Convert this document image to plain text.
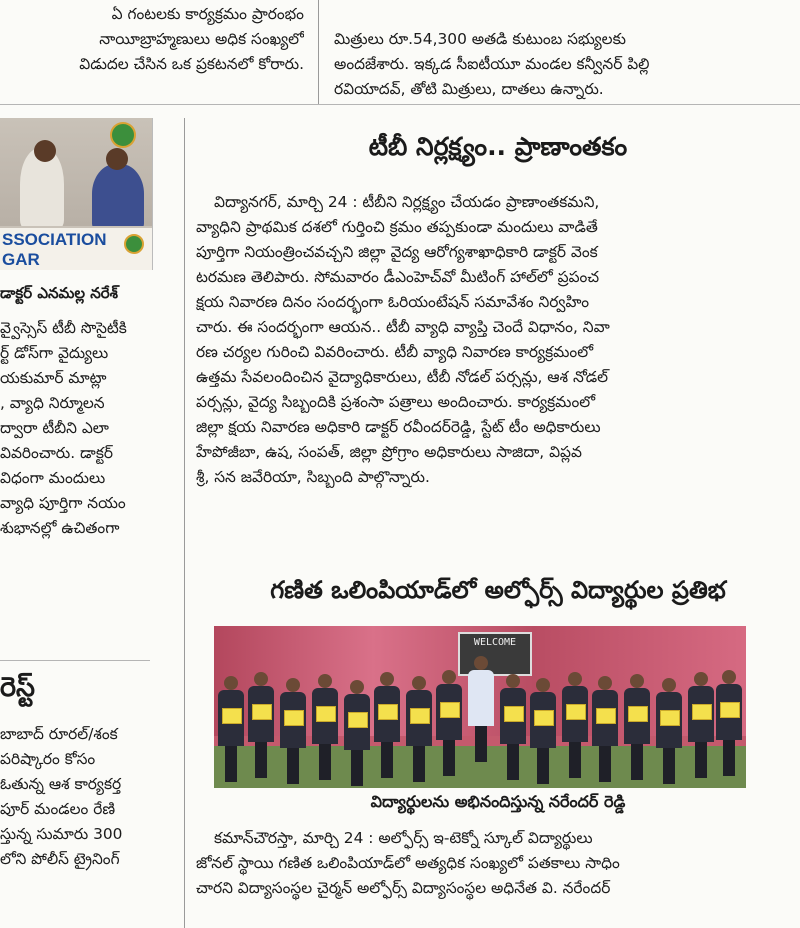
ఏ గంటలకు కార్యక్రమం ప్రారంభం

నాయీబ్రాహ్మణులు అధిక సంఖ్యలో

విడుదల చేసిన ఒక ప్రకటనలో కోరారు.

మిత్రులు రూ.54,300 అతడి కుటుంబ సభ్యులకు

అందజేశారు. ఇక్కడ సీఐటీయూ మండల కన్వీనర్ పిల్లి

రవియాదవ్, తోటి మిత్రులు, దాతలు ఉన్నారు.

SSOCIATION
GAR
డాక్టర్ ఎనమల్ల నరేశ్

వ్వైస్సెస్ టీబీ సొసైటీకి

ర్ట్ డోస్‌గా వైద్యులు

యకుమార్ మాట్లా

, వ్యాధి నిర్మూలన

ద్వారా టీబీని ఎలా

వివరించారు. డాక్టర్

విధంగా మందులు

వ్యాధి పూర్తిగా నయం

శుభానల్లో ఉచితంగా

రెస్ట్

బాబాద్ రూరల్/శంక

పరిష్కారం కోసం

ఓతున్న ఆశ కార్యకర్త

పూర్ మండలం రేణి

స్తున్న సుమారు 300

లోని పోలీస్ ట్రైనింగ్

టీబీ నిర్లక్ష్యం.. ప్రాణాంతకం

విద్యానగర్, మార్చి 24 : టీబీని నిర్లక్ష్యం చేయడం ప్రాణాంతకమని,

వ్యాధిని ప్రాథమిక దశలో గుర్తించి క్రమం తప్పకుండా మందులు వాడితే

పూర్తిగా నియంత్రించవచ్చని జిల్లా వైద్య ఆరోగ్యశాఖాధికారి డాక్టర్ వెంక

టరమణ తెలిపారు. సోమవారం డీఎంహెచ్‌వో మీటింగ్ హాల్‌లో ప్రపంచ

క్షయ నివారణ దినం సందర్భంగా ఓరియంటేషన్ సమావేశం నిర్వహిం

చారు. ఈ సందర్భంగా ఆయన.. టీబీ వ్యాధి వ్యాప్తి చెందే విధానం, నివా

రణ చర్యల గురించి వివరించారు. టీబీ వ్యాధి నివారణ కార్యక్రమంలో

ఉత్తమ సేవలందించిన వైద్యాధికారులు, టీబీ నోడల్ పర్సన్లు, ఆశ నోడల్

పర్సన్లు, వైద్య సిబ్బందికి ప్రశంసా పత్రాలు అందించారు. కార్యక్రమంలో

జిల్లా క్షయ నివారణ అధికారి డాక్టర్ రవీందర్‌రెడ్డి, స్టేట్ టీం అధికారులు

హేపోజీబా, ఉష, సంపత్, జిల్లా ప్రోగ్రాం అధికారులు సాజిదా, విప్లవ

శ్రీ, సన జవేరియా, సిబ్బంది పాల్గొన్నారు.

గణిత ఒలింపియాడ్‌లో అల్ఫోర్స్ విద్యార్థుల ప్రతిభ
WELCOME
విద్యార్థులను అభినందిస్తున్న నరేందర్ రెడ్డి

కమాన్‌చౌరస్తా, మార్చి 24 : అల్ఫోర్స్ ఇ-టెక్నో స్కూల్ విద్యార్థులు

జోనల్ స్థాయి గణిత ఒలింపియాడ్‌లో అత్యధిక సంఖ్యలో పతకాలు సాధిం

చారని విద్యాసంస్థల చైర్మన్ అల్ఫోర్స్ విద్యాసంస్థల అధినేత వి. నరేందర్
